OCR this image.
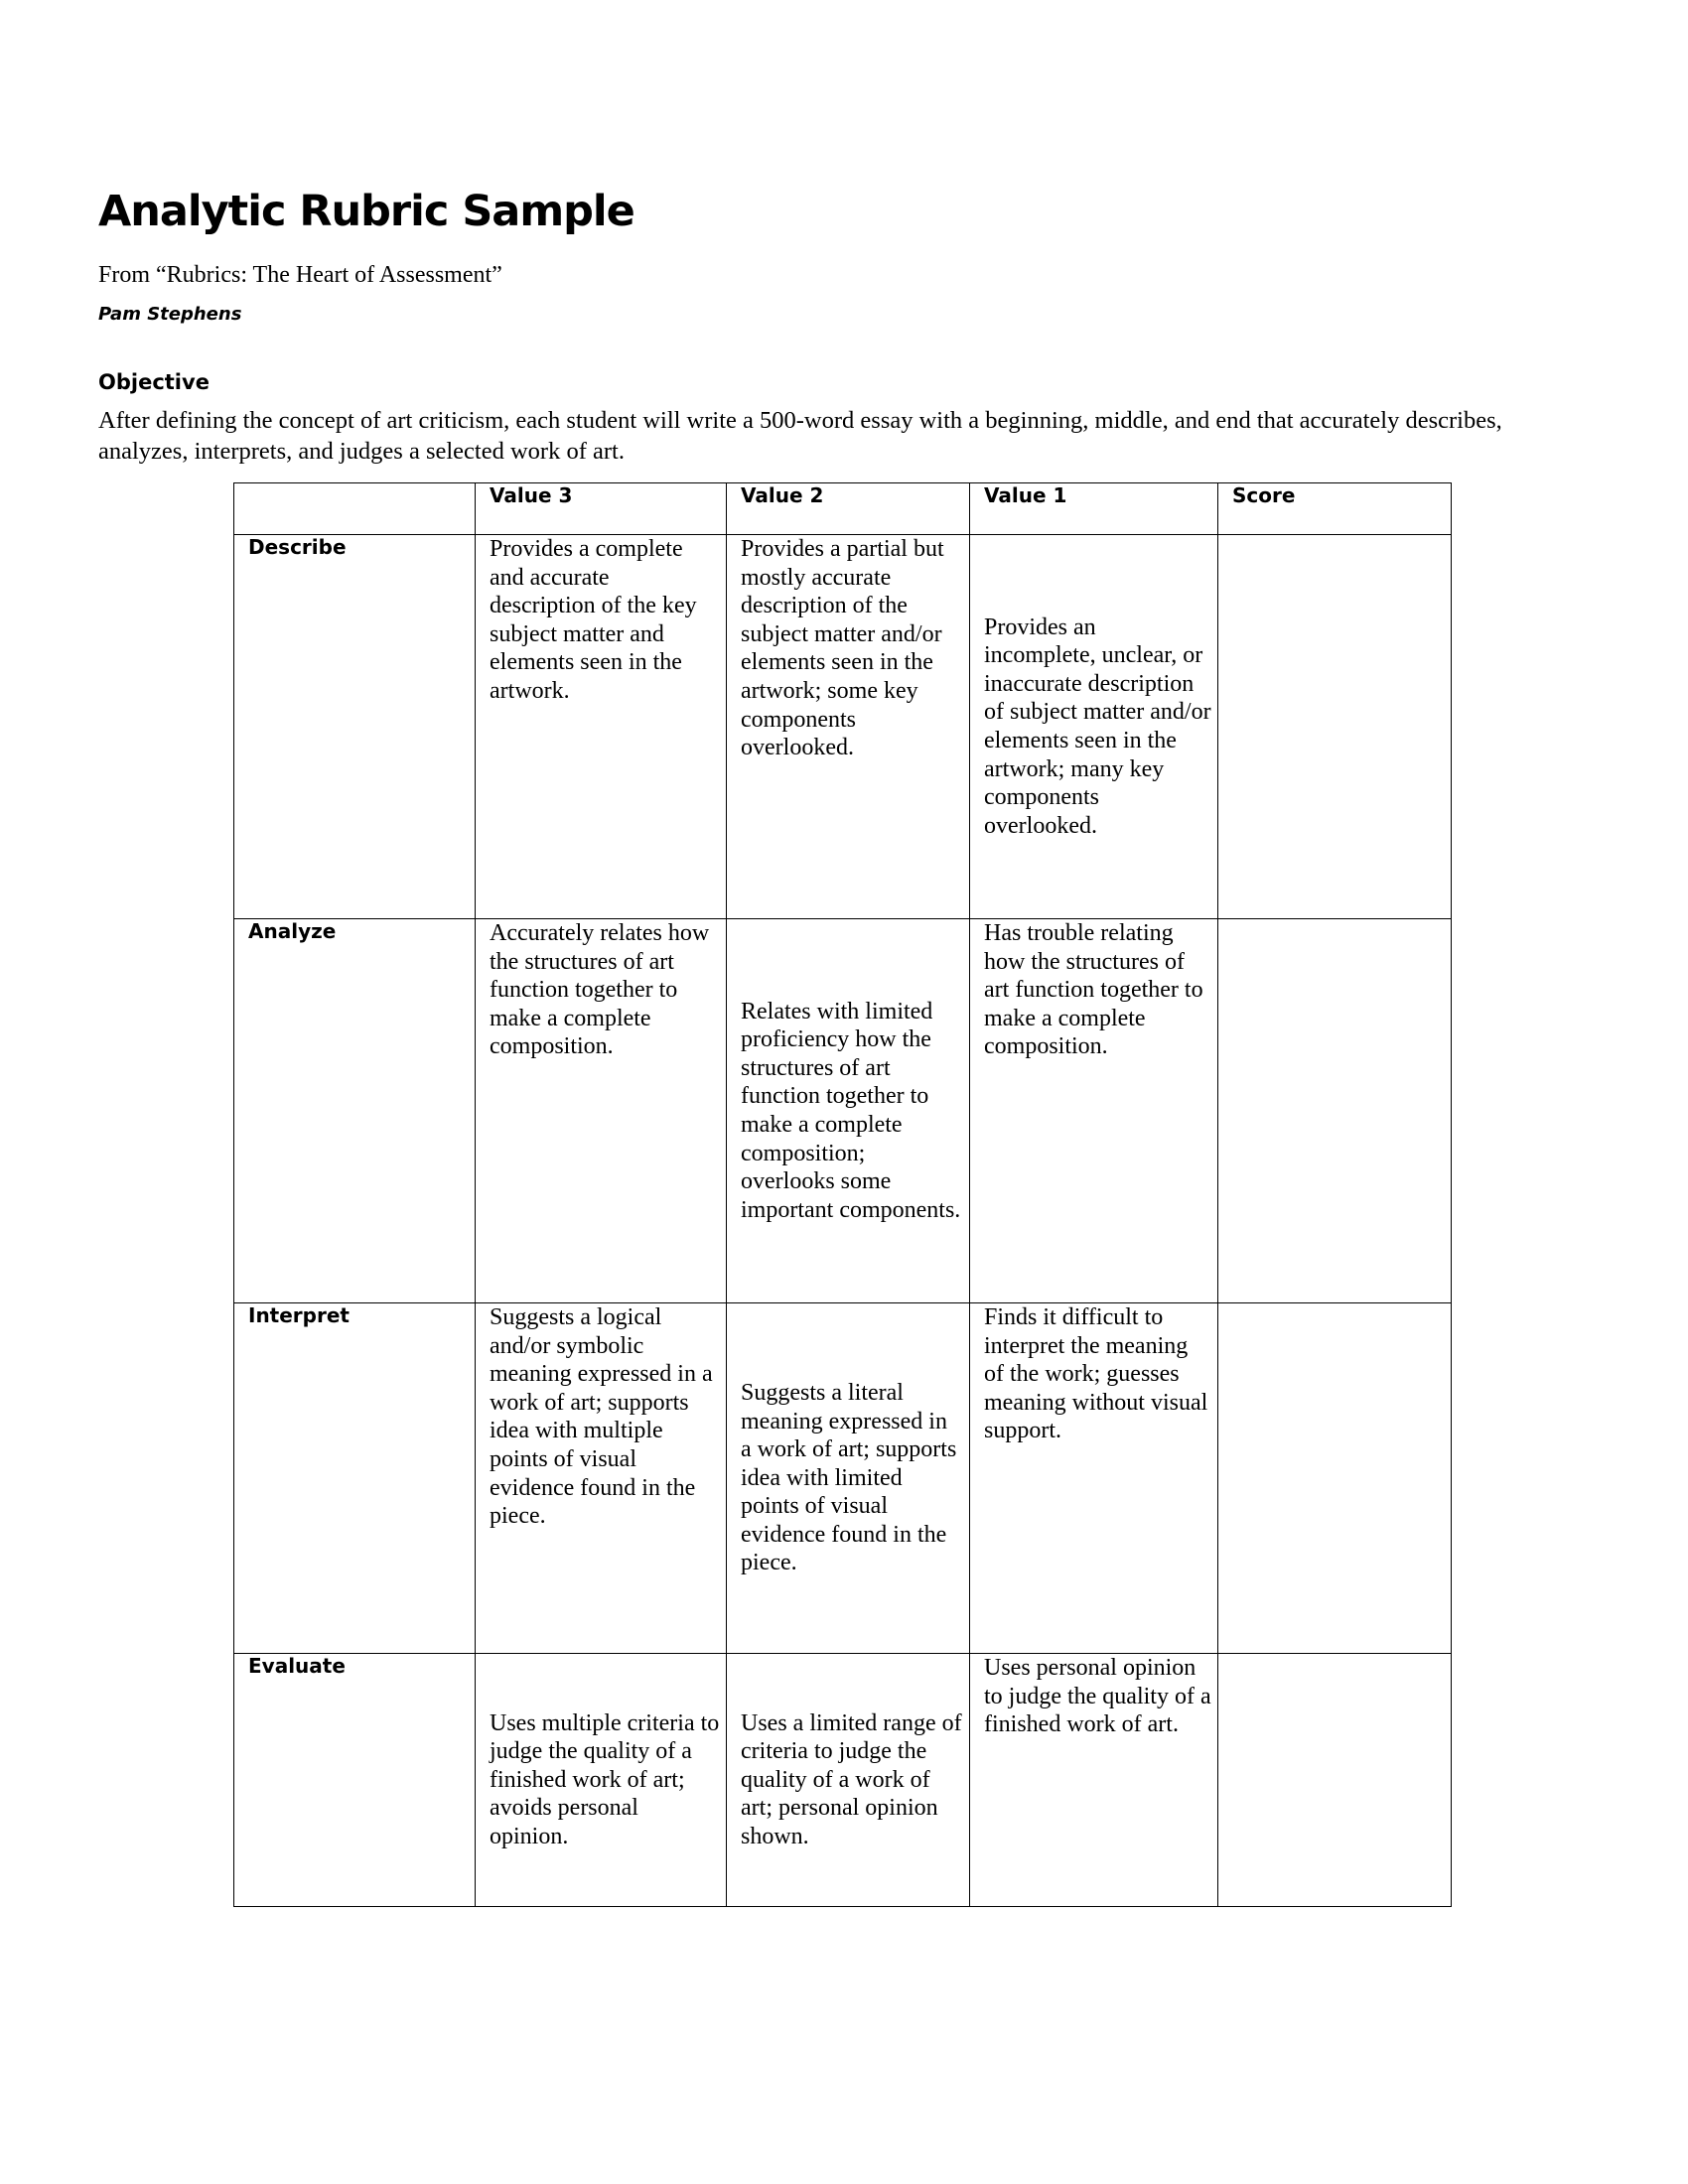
Analytic Rubric Sample

From “Rubrics: The Heart of Assessment”

Pam Stephens

Objective

After defining the concept of art criticism, each student will write a 500-word essay with a beginning, middle, and end that accurately describes, analyzes, interprets, and judges a selected work of art.

	Value 3	Value 2	Value 1	Score
Describe	Provides a complete and accurate description of the key subject matter and elements seen in the artwork.	Provides a partial but mostly accurate description of the subject matter and/or elements seen in the artwork; some key components overlooked.	Provides an incomplete, unclear, or inaccurate description of subject matter and/or elements seen in the artwork; many key components overlooked.	
Analyze	Accurately relates how the structures of art function together to make a complete composition.	Relates with limited proficiency how the structures of art function together to make a complete composition; overlooks some important components.	Has trouble relating how the structures of art function together to make a complete composition.	
Interpret	Suggests a logical and/or symbolic meaning expressed in a work of art; supports idea with multiple points of visual evidence found in the piece.	Suggests a literal meaning expressed in a work of art; supports idea with limited points of visual evidence found in the piece.	Finds it difficult to interpret the meaning of the work; guesses meaning without visual support.	
Evaluate	Uses multiple criteria to judge the quality of a finished work of art; avoids personal opinion.	Uses a limited range of criteria to judge the quality of a work of art; personal opinion shown.	Uses personal opinion to judge the quality of a finished work of art.	
